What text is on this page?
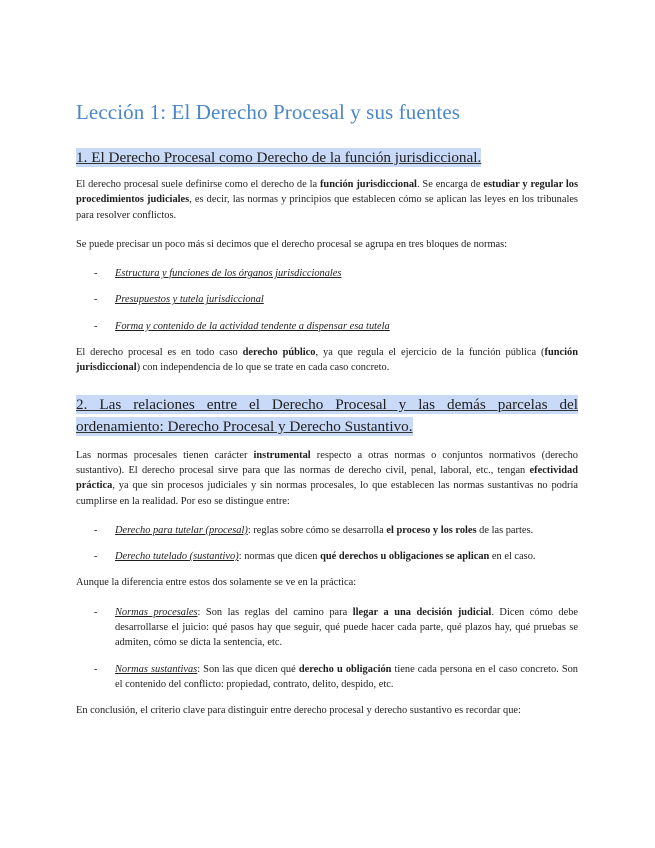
Lección 1: El Derecho Procesal y sus fuentes
1. El Derecho Procesal como Derecho de la función jurisdiccional.

El derecho procesal suele definirse como el derecho de la función jurisdiccional. Se encarga de estudiar y regular los procedimientos judiciales, es decir, las normas y principios que establecen cómo se aplican las leyes en los tribunales para resolver conflictos.

Se puede precisar un poco más si decimos que el derecho procesal se agrupa en tres bloques de normas:

- Estructura y funciones de los órganos jurisdiccionales
- Presupuestos y tutela jurisdiccional
- Forma y contenido de la actividad tendente a dispensar esa tutela

El derecho procesal es en todo caso derecho público, ya que regula el ejercicio de la función pública (función jurisdiccional) con independencia de lo que se trate en cada caso concreto.

2. Las relaciones entre el Derecho Procesal y las demás parcelas del ordenamiento: Derecho Procesal y Derecho Sustantivo.

Las normas procesales tienen carácter instrumental respecto a otras normas o conjuntos normativos (derecho sustantivo). El derecho procesal sirve para que las normas de derecho civil, penal, laboral, etc., tengan efectividad práctica, ya que sin procesos judiciales y sin normas procesales, lo que establecen las normas sustantivas no podría cumplirse en la realidad. Por eso se distingue entre:

- Derecho para tutelar (procesal): reglas sobre cómo se desarrolla el proceso y los roles de las partes.
- Derecho tutelado (sustantivo): normas que dicen qué derechos u obligaciones se aplican en el caso.

Aunque la diferencia entre estos dos solamente se ve en la práctica:

- Normas procesales: Son las reglas del camino para llegar a una decisión judicial. Dicen cómo debe desarrollarse el juicio: qué pasos hay que seguir, qué puede hacer cada parte, qué plazos hay, qué pruebas se admiten, cómo se dicta la sentencia, etc.
- Normas sustantivas: Son las que dicen qué derecho u obligación tiene cada persona en el caso concreto. Son el contenido del conflicto: propiedad, contrato, delito, despido, etc.

En conclusión, el criterio clave para distinguir entre derecho procesal y derecho sustantivo es recordar que:
